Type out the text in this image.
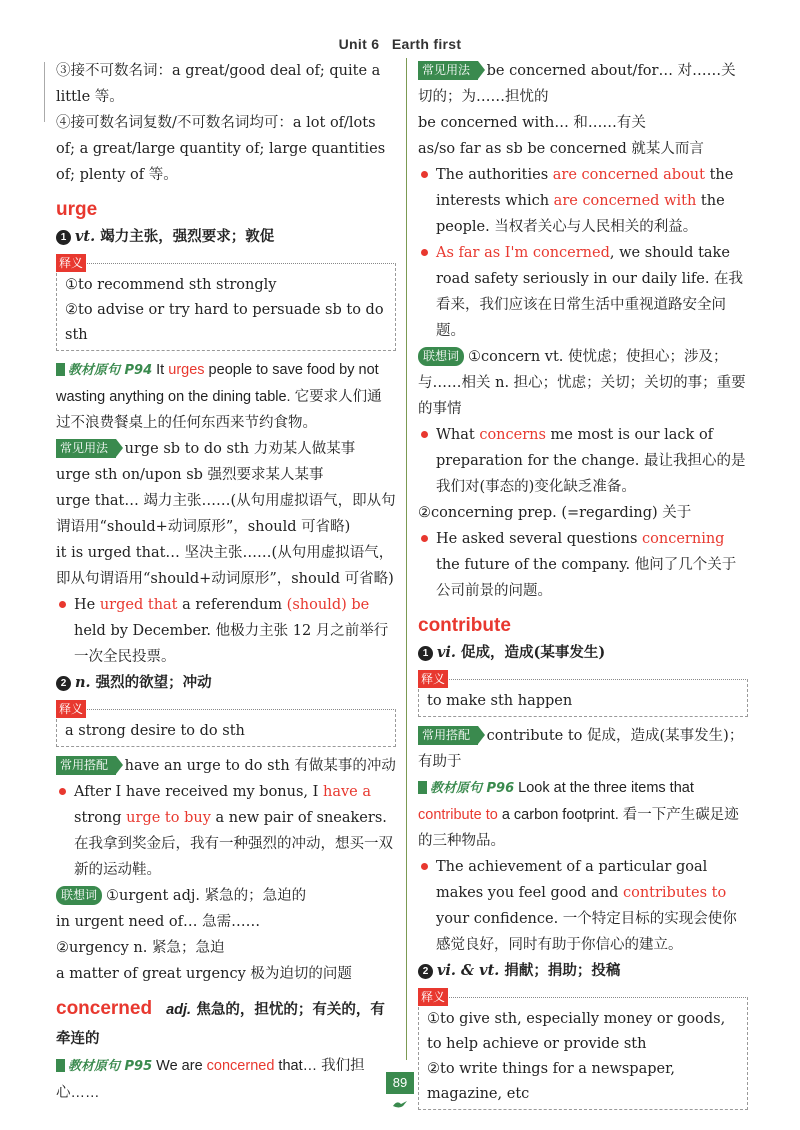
Unit 6 Earth first

③接不可数名词：a great/good deal of; quite a little 等。

④接可数名词复数/不可数名词均可：a lot of/lots of; a great/large quantity of; large quantities of; plenty of 等。

urge
1 vt. 竭力主张，强烈要求；敦促
释义

①to recommend sth strongly

②to advise or try hard to persuade sb to do sth

教材原句 P94 It urges people to save food by not wasting anything on the dining table. 它要求人们通过不浪费餐桌上的任何东西来节约食物。

常见用法 urge sb to do sth 力劝某人做某事

urge sth on/upon sb 强烈要求某人某事

urge that… 竭力主张……(从句用虚拟语气，即从句谓语用“should+动词原形”，should 可省略)

it is urged that… 坚决主张……(从句用虚拟语气，即从句谓语用“should+动词原形”，should 可省略)

He urged that a referendum (should) be held by December. 他极力主张 12 月之前举行一次全民投票。

2 n. 强烈的欲望；冲动
释义

a strong desire to do sth

常用搭配 have an urge to do sth 有做某事的冲动

After I have received my bonus, I have a strong urge to buy a new pair of sneakers. 在我拿到奖金后，我有一种强烈的冲动，想买一双新的运动鞋。

联想词 ①urgent adj. 紧急的；急迫的

in urgent need of… 急需……

②urgency n. 紧急；急迫

a matter of great urgency 极为迫切的问题

concerned adj. 焦急的，担忧的；有关的，有牵连的

教材原句 P95 We are concerned that… 我们担心……

常见用法 be concerned about/for… 对……关切的；为……担忧的

be concerned with… 和……有关

as/so far as sb be concerned 就某人而言

The authorities are concerned about the interests which are concerned with the people. 当权者关心与人民相关的利益。

As far as I'm concerned, we should take road safety seriously in our daily life. 在我看来，我们应该在日常生活中重视道路安全问题。

联想词 ①concern vt. 使忧虑；使担心；涉及；与……相关 n. 担心；忧虑；关切；关切的事；重要的事情

What concerns me most is our lack of preparation for the change. 最让我担心的是我们对(事态的)变化缺乏准备。

②concerning prep. (=regarding) 关于

He asked several questions concerning the future of the company. 他问了几个关于公司前景的问题。

contribute
1 vi. 促成，造成(某事发生)
释义

to make sth happen

常用搭配 contribute to 促成，造成(某事发生)；有助于

教材原句 P96 Look at the three items that contribute to a carbon footprint. 看一下产生碳足迹的三种物品。

The achievement of a particular goal makes you feel good and contributes to your confidence. 一个特定目标的实现会使你感觉良好，同时有助于你信心的建立。

2 vi. & vt. 捐献；捐助；投稿
释义

①to give sth, especially money or goods, to help achieve or provide sth

②to write things for a newspaper, magazine, etc

89
